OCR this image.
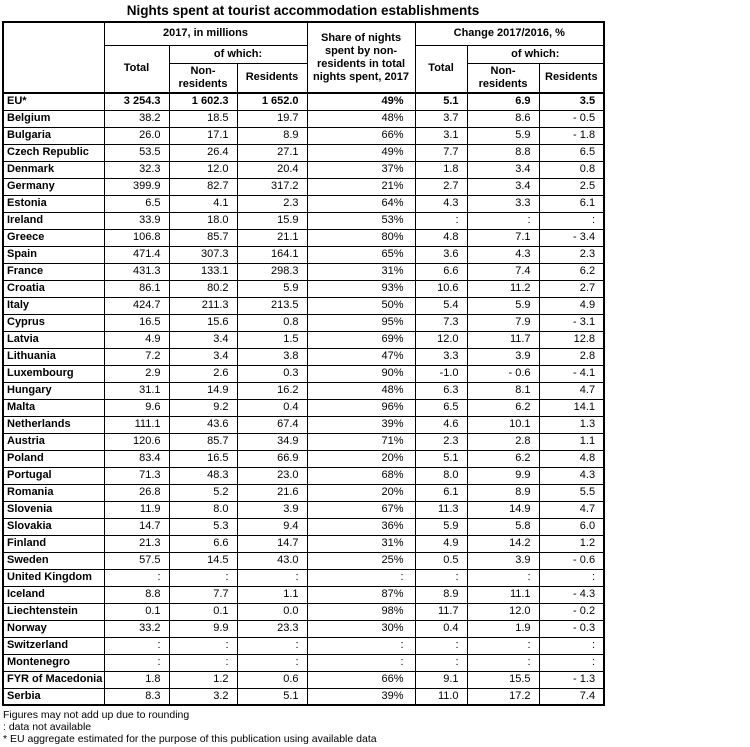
Nights spent at tourist accommodation establishments
	2017, in millions			Share of nights spent by non-residents in total nights spent, 2017	Change 2017/2016, %		
	Total	of which:			Total	of which:	
		Non-residents	Residents			Non-residents	Residents
EU*	3 254.3	1 602.3	1 652.0	49%	5.1	6.9	3.5
Belgium	38.2	18.5	19.7	48%	3.7	8.6	- 0.5
Bulgaria	26.0	17.1	8.9	66%	3.1	5.9	- 1.8
Czech Republic	53.5	26.4	27.1	49%	7.7	8.8	6.5
Denmark	32.3	12.0	20.4	37%	1.8	3.4	0.8
Germany	399.9	82.7	317.2	21%	2.7	3.4	2.5
Estonia	6.5	4.1	2.3	64%	4.3	3.3	6.1
Ireland	33.9	18.0	15.9	53%	:	:	:
Greece	106.8	85.7	21.1	80%	4.8	7.1	- 3.4
Spain	471.4	307.3	164.1	65%	3.6	4.3	2.3
France	431.3	133.1	298.3	31%	6.6	7.4	6.2
Croatia	86.1	80.2	5.9	93%	10.6	11.2	2.7
Italy	424.7	211.3	213.5	50%	5.4	5.9	4.9
Cyprus	16.5	15.6	0.8	95%	7.3	7.9	- 3.1
Latvia	4.9	3.4	1.5	69%	12.0	11.7	12.8
Lithuania	7.2	3.4	3.8	47%	3.3	3.9	2.8
Luxembourg	2.9	2.6	0.3	90%	-1.0	- 0.6	- 4.1
Hungary	31.1	14.9	16.2	48%	6.3	8.1	4.7
Malta	9.6	9.2	0.4	96%	6.5	6.2	14.1
Netherlands	111.1	43.6	67.4	39%	4.6	10.1	1.3
Austria	120.6	85.7	34.9	71%	2.3	2.8	1.1
Poland	83.4	16.5	66.9	20%	5.1	6.2	4.8
Portugal	71.3	48.3	23.0	68%	8.0	9.9	4.3
Romania	26.8	5.2	21.6	20%	6.1	8.9	5.5
Slovenia	11.9	8.0	3.9	67%	11.3	14.9	4.7
Slovakia	14.7	5.3	9.4	36%	5.9	5.8	6.0
Finland	21.3	6.6	14.7	31%	4.9	14.2	1.2
Sweden	57.5	14.5	43.0	25%	0.5	3.9	- 0.6
United Kingdom	:	:	:	:	:	:	:
Iceland	8.8	7.7	1.1	87%	8.9	11.1	- 4.3
Liechtenstein	0.1	0.1	0.0	98%	11.7	12.0	- 0.2
Norway	33.2	9.9	23.3	30%	0.4	1.9	- 0.3
Switzerland	:	:	:	:	:	:	:
Montenegro	:	:	:	:	:	:	:
FYR of Macedonia	1.8	1.2	0.6	66%	9.1	15.5	- 1.3
Serbia	8.3	3.2	5.1	39%	11.0	17.2	7.4
Figures may not add up due to rounding
: data not available
* EU aggregate estimated for the purpose of this publication using available data
